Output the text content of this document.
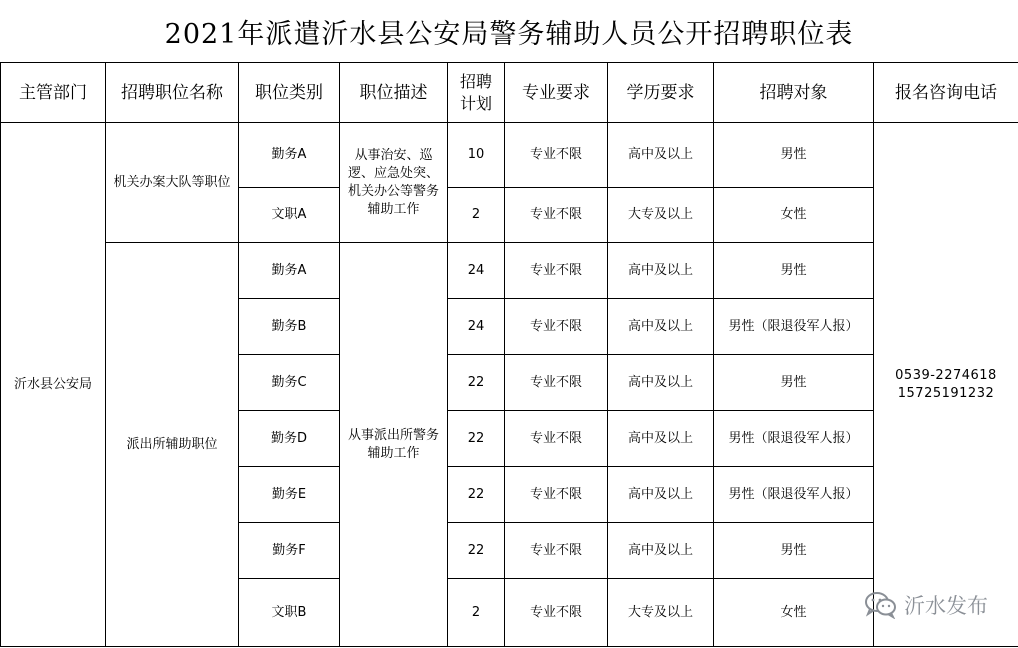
2021年派遣沂水县公安局警务辅助人员公开招聘职位表
主管部门	招聘职位名称	职位类别	职位描述	招聘计划	专业要求	学历要求	招聘对象	报名咨询电话
沂水县公安局	机关办案大队等职位	勤务A	从事治安、巡逻、应急处突、机关办公等警务辅助工作	10	专业不限	高中及以上	男性	0539-2274618
15725191232

		文职A		2	专业不限	大专及以上	女性	
	派出所辅助职位	勤务A	从事派出所警务辅助工作	24	专业不限	高中及以上	男性	
		勤务B		24	专业不限	高中及以上	男性（限退役军人报）	
		勤务C		22	专业不限	高中及以上	男性	
		勤务D		22	专业不限	高中及以上	男性（限退役军人报）	
		勤务E		22	专业不限	高中及以上	男性（限退役军人报）	
		勤务F		22	专业不限	高中及以上	男性	
		文职B		2	专业不限	大专及以上	女性		沂水发布
